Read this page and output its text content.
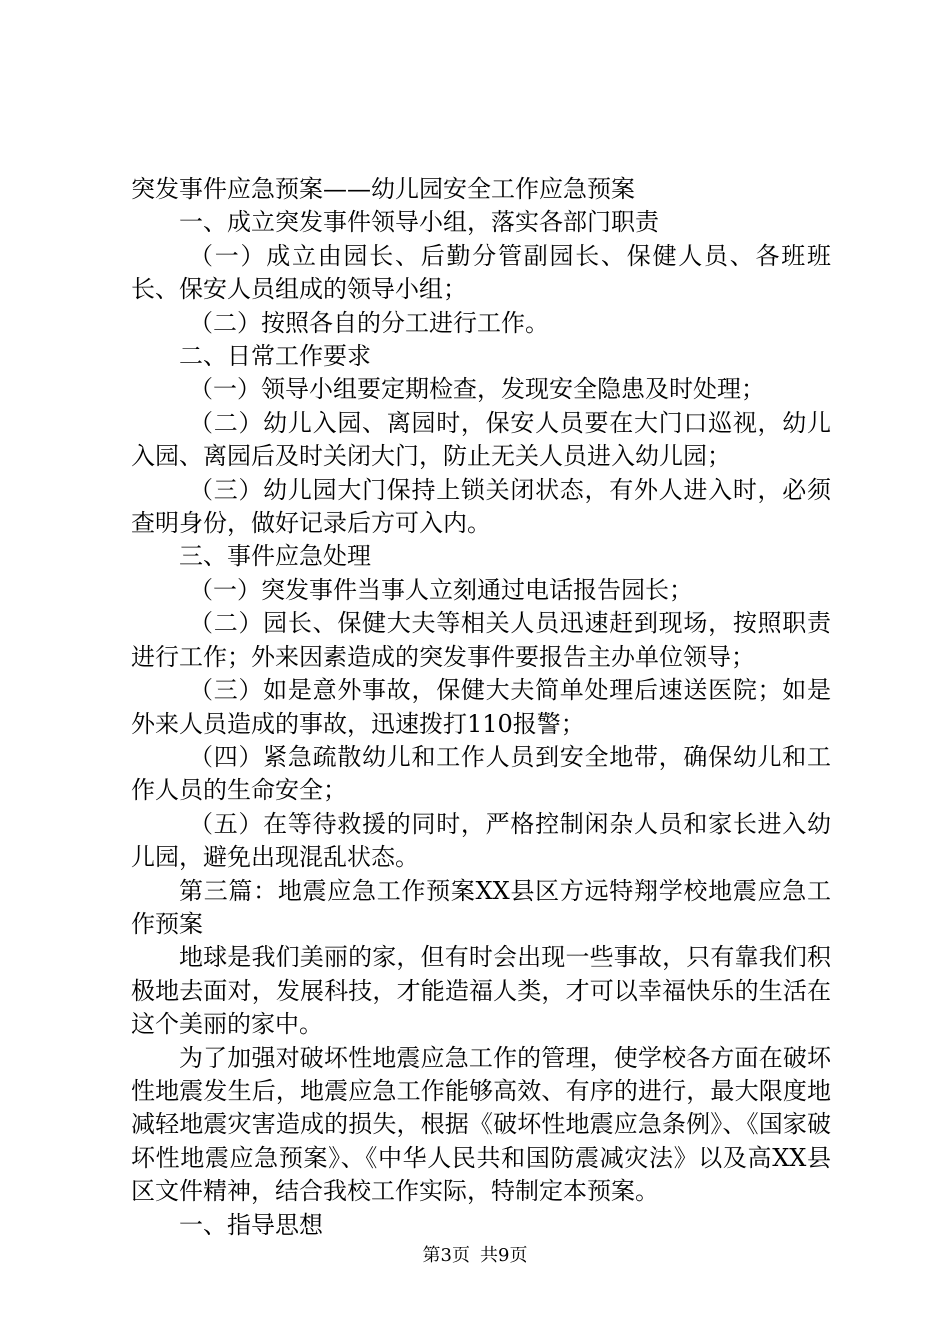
突发事件应急预案——幼儿园安全工作应急预案

一、成立突发事件领导小组，落实各部门职责

（一）成立由园长、后勤分管副园长、保健人员、各班班长、保安人员组成的领导小组；

（二）按照各自的分工进行工作。

二、日常工作要求

（一）领导小组要定期检查，发现安全隐患及时处理；

（二）幼儿入园、离园时，保安人员要在大门口巡视，幼儿入园、离园后及时关闭大门，防止无关人员进入幼儿园；

（三）幼儿园大门保持上锁关闭状态，有外人进入时，必须查明身份，做好记录后方可入内。

三、事件应急处理

（一）突发事件当事人立刻通过电话报告园长；

（二）园长、保健大夫等相关人员迅速赶到现场，按照职责进行工作；外来因素造成的突发事件要报告主办单位领导；

（三）如是意外事故，保健大夫简单处理后速送医院；如是外来人员造成的事故，迅速拨打110报警；

（四）紧急疏散幼儿和工作人员到安全地带，确保幼儿和工作人员的生命安全；

（五）在等待救援的同时，严格控制闲杂人员和家长进入幼儿园，避免出现混乱状态。

第三篇：地震应急工作预案XX县区方远特翔学校地震应急工作预案

地球是我们美丽的家，但有时会出现一些事故，只有靠我们积极地去面对，发展科技，才能造福人类，才可以幸福快乐的生活在这个美丽的家中。

为了加强对破坏性地震应急工作的管理，使学校各方面在破坏性地震发生后，地震应急工作能够高效、有序的进行，最大限度地减轻地震灾害造成的损失，根据《破坏性地震应急条例》、《国家破坏性地震应急预案》、《中华人民共和国防震减灾法》以及高XX县区文件精神，结合我校工作实际，特制定本预案。

一、指导思想

第3页 共9页
